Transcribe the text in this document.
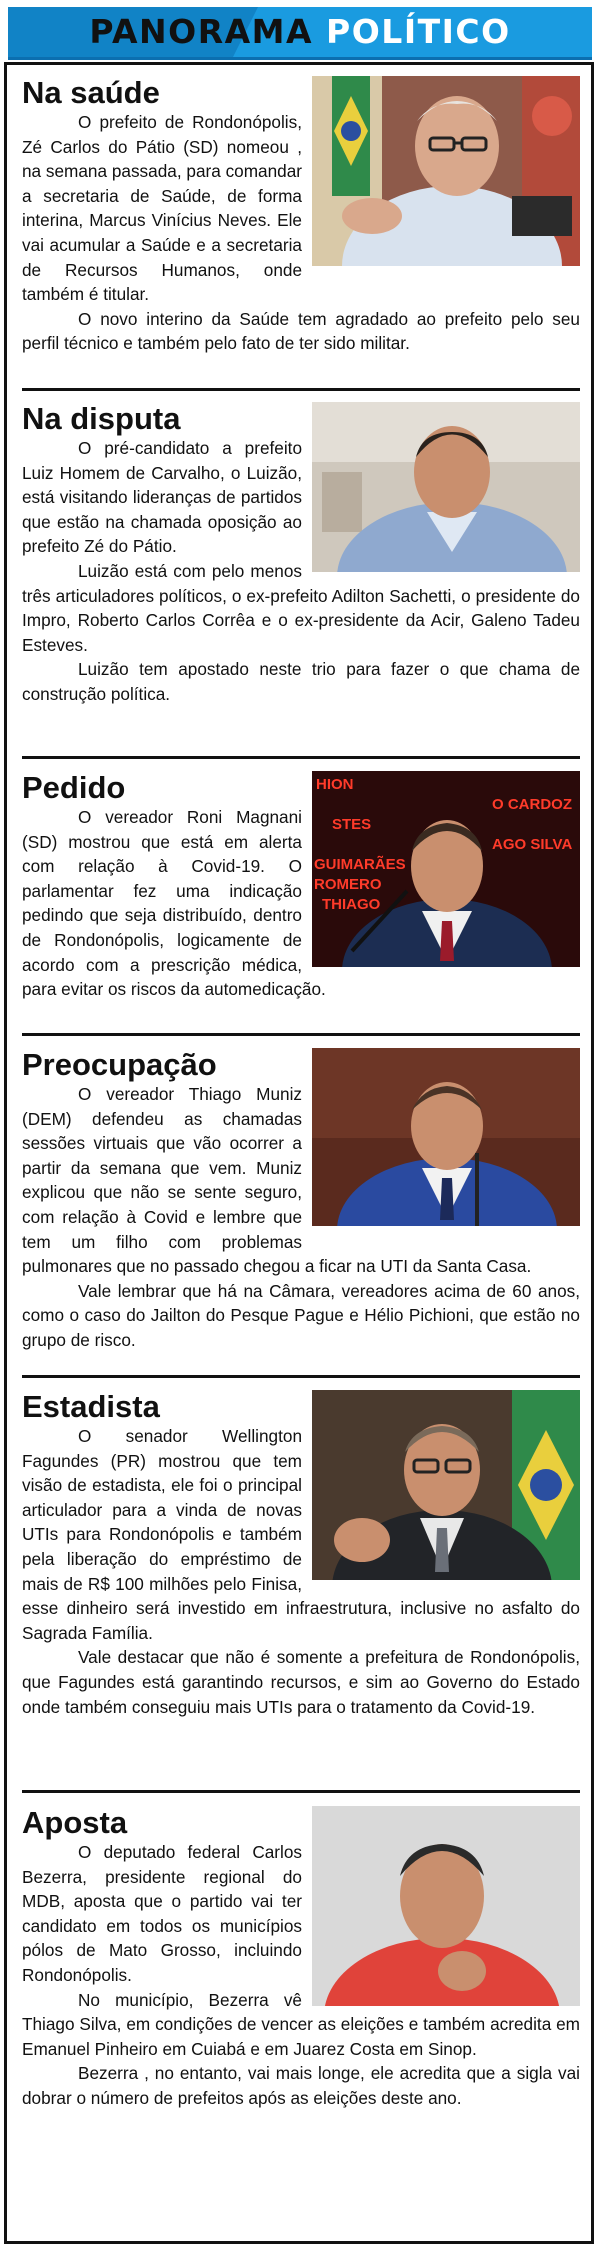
PANORAMA POLÍTICO
Na saúde

O prefeito de Rondonópolis, Zé Carlos do Pátio (SD) nomeou , na semana passada, para comandar a secretaria de Saúde, de forma interina, Marcus Vinícius Neves. Ele vai acumular a Saúde e a secretaria de Recursos Humanos, onde também é titular.

O novo interino da Saúde tem agradado ao prefeito pelo seu perfil técnico e também pelo fato de ter sido militar.

Na disputa

O pré-candidato a prefeito Luiz Homem de Carvalho, o Luizão, está visitando lideranças de partidos que estão na chamada oposição ao prefeito Zé do Pátio.

Luizão está com pelo menos três articuladores políticos, o ex-prefeito Adilton Sachetti, o presidente do Impro, Roberto Carlos Corrêa e o ex-presidente da Acir, Galeno Tadeu Esteves.

Luizão tem apostado neste trio para fazer o que chama de construção política.

HION
STES
GUIMARÃES
ROMERO
THIAGO
O CARDOZ
AGO SILVA
Pedido

O vereador Roni Magnani (SD) mostrou que está em alerta com relação à Covid-19. O parlamentar fez uma indicação pedindo que seja distribuído, dentro de Rondonópolis, logicamente de acordo com a prescrição médica, para evitar os riscos da automedicação.

Preocupação

O vereador Thiago Muniz (DEM) defendeu as chamadas sessões virtuais que vão ocorrer a partir da semana que vem. Muniz explicou que não se sente seguro, com relação à Covid e lembre que tem um filho com problemas pulmonares que no passado chegou a ficar na UTI da Santa Casa.

Vale lembrar que há na Câmara, vereadores acima de 60 anos, como o caso do Jailton do Pesque Pague e Hélio Pichioni, que estão no grupo de risco.

Estadista

O senador Wellington Fagundes (PR) mostrou que tem visão de estadista, ele foi o principal articulador para a vinda de novas UTIs para Rondonópolis e também pela liberação do empréstimo de mais de R$ 100 milhões pelo Finisa, esse dinheiro será investido em infraestrutura, inclusive no asfalto do Sagrada Família.

Vale destacar que não é somente a prefeitura de Rondonópolis, que Fagundes está garantindo recursos, e sim ao Governo do Estado onde também conseguiu mais UTIs para o tratamento da Covid-19.

Aposta

O deputado federal Carlos Bezerra, presidente regional do MDB, aposta que o partido vai ter candidato em todos os municípios pólos de Mato Grosso, incluindo Rondonópolis.

No município, Bezerra vê Thiago Silva, em condições de vencer as eleições e também acredita em Emanuel Pinheiro em Cuiabá e em Juarez Costa em Sinop.

Bezerra , no entanto, vai mais longe, ele acredita que a sigla vai dobrar o número de prefeitos após as eleições deste ano.
